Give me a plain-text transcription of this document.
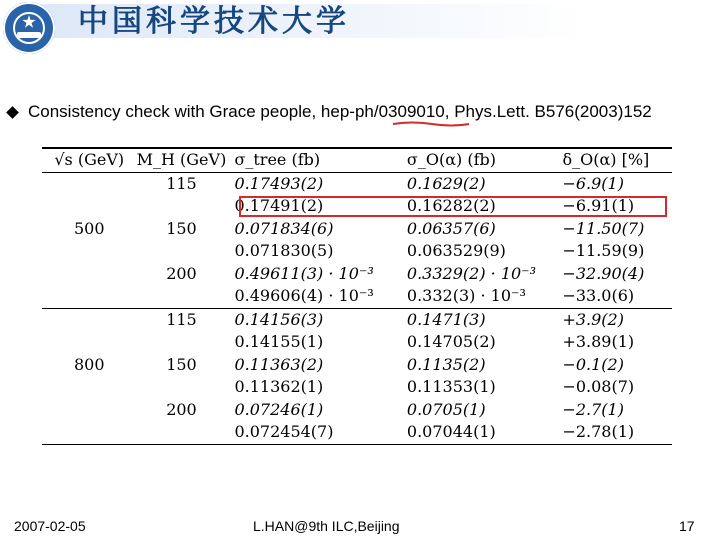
中国科学技术大学
Consistency check with Grace people, hep-ph/0309010, Phys.Lett. B576(2003)152
√s (GeV)	M_H (GeV)	σ_tree (fb)	σ_O(α) (fb)	δ_O(α) [%]
	115	0.17493(2)	0.1629(2)	−6.9(1)
		0.17491(2)	0.16282(2)	−6.91(1)
500	150	0.071834(6)	0.06357(6)	−11.50(7)
		0.071830(5)	0.063529(9)	−11.59(9)
	200	0.49611(3) · 10⁻³	0.3329(2) · 10⁻³	−32.90(4)
		0.49606(4) · 10⁻³	0.332(3) · 10⁻³	−33.0(6)
	115	0.14156(3)	0.1471(3)	+3.9(2)
		0.14155(1)	0.14705(2)	+3.89(1)
800	150	0.11363(2)	0.1135(2)	−0.1(2)
		0.11362(1)	0.11353(1)	−0.08(7)
	200	0.07246(1)	0.0705(1)	−2.7(1)
		0.072454(7)	0.07044(1)	−2.78(1)
2007-02-05	L.HAN@9th ILC,Beijing	17
